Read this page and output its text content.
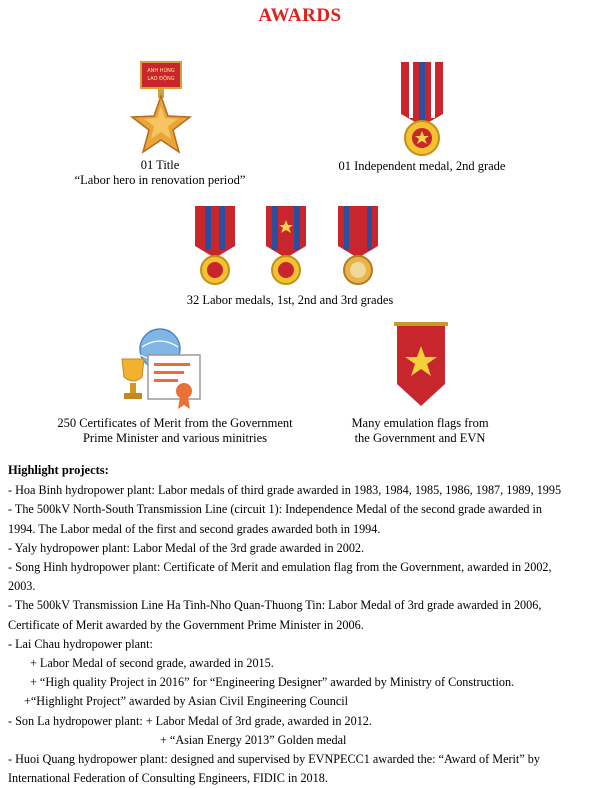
AWARDS
ANH HÙNG
LAO ĐỘNG
01 Title
“Labor hero in renovation period”
01 Independent medal, 2nd grade
32 Labor medals, 1st, 2nd and 3rd grades
250 Certificates of Merit from the Government
Prime Minister and various minitries
Many emulation flags from
the Government and EVN
Highlight projects:
- Hoa Binh hydropower plant: Labor medals of third grade awarded in 1983, 1984, 1985, 1986, 1987, 1989, 1995
- The 500kV North-South Transmission Line (circuit 1): Independence Medal of the second grade awarded in
1994. The Labor medal of the first and second grades awarded both in 1994.
- Yaly hydropower plant: Labor Medal of the 3rd grade awarded in 2002.
- Song Hinh hydropower plant: Certificate of Merit and emulation flag from the Government, awarded in 2002,
2003.
- The 500kV Transmission Line Ha Tinh-Nho Quan-Thuong Tin: Labor Medal of 3rd grade awarded in 2006,
Certificate of Merit awarded by the Government Prime Minister in 2006.
- Lai Chau hydropower plant:
+ Labor Medal of second grade, awarded in 2015.
+ “High quality Project in 2016” for “Engineering Designer” awarded by Ministry of Construction.
+“Highlight Project” awarded by Asian Civil Engineering Council
- Son La hydropower plant: + Labor Medal of 3rd grade, awarded in 2012.
+ “Asian Energy 2013” Golden medal
- Huoi Quang hydropower plant: designed and supervised by EVNPECC1 awarded the: “Award of Merit” by
International Federation of Consulting Engineers, FIDIC in 2018.
